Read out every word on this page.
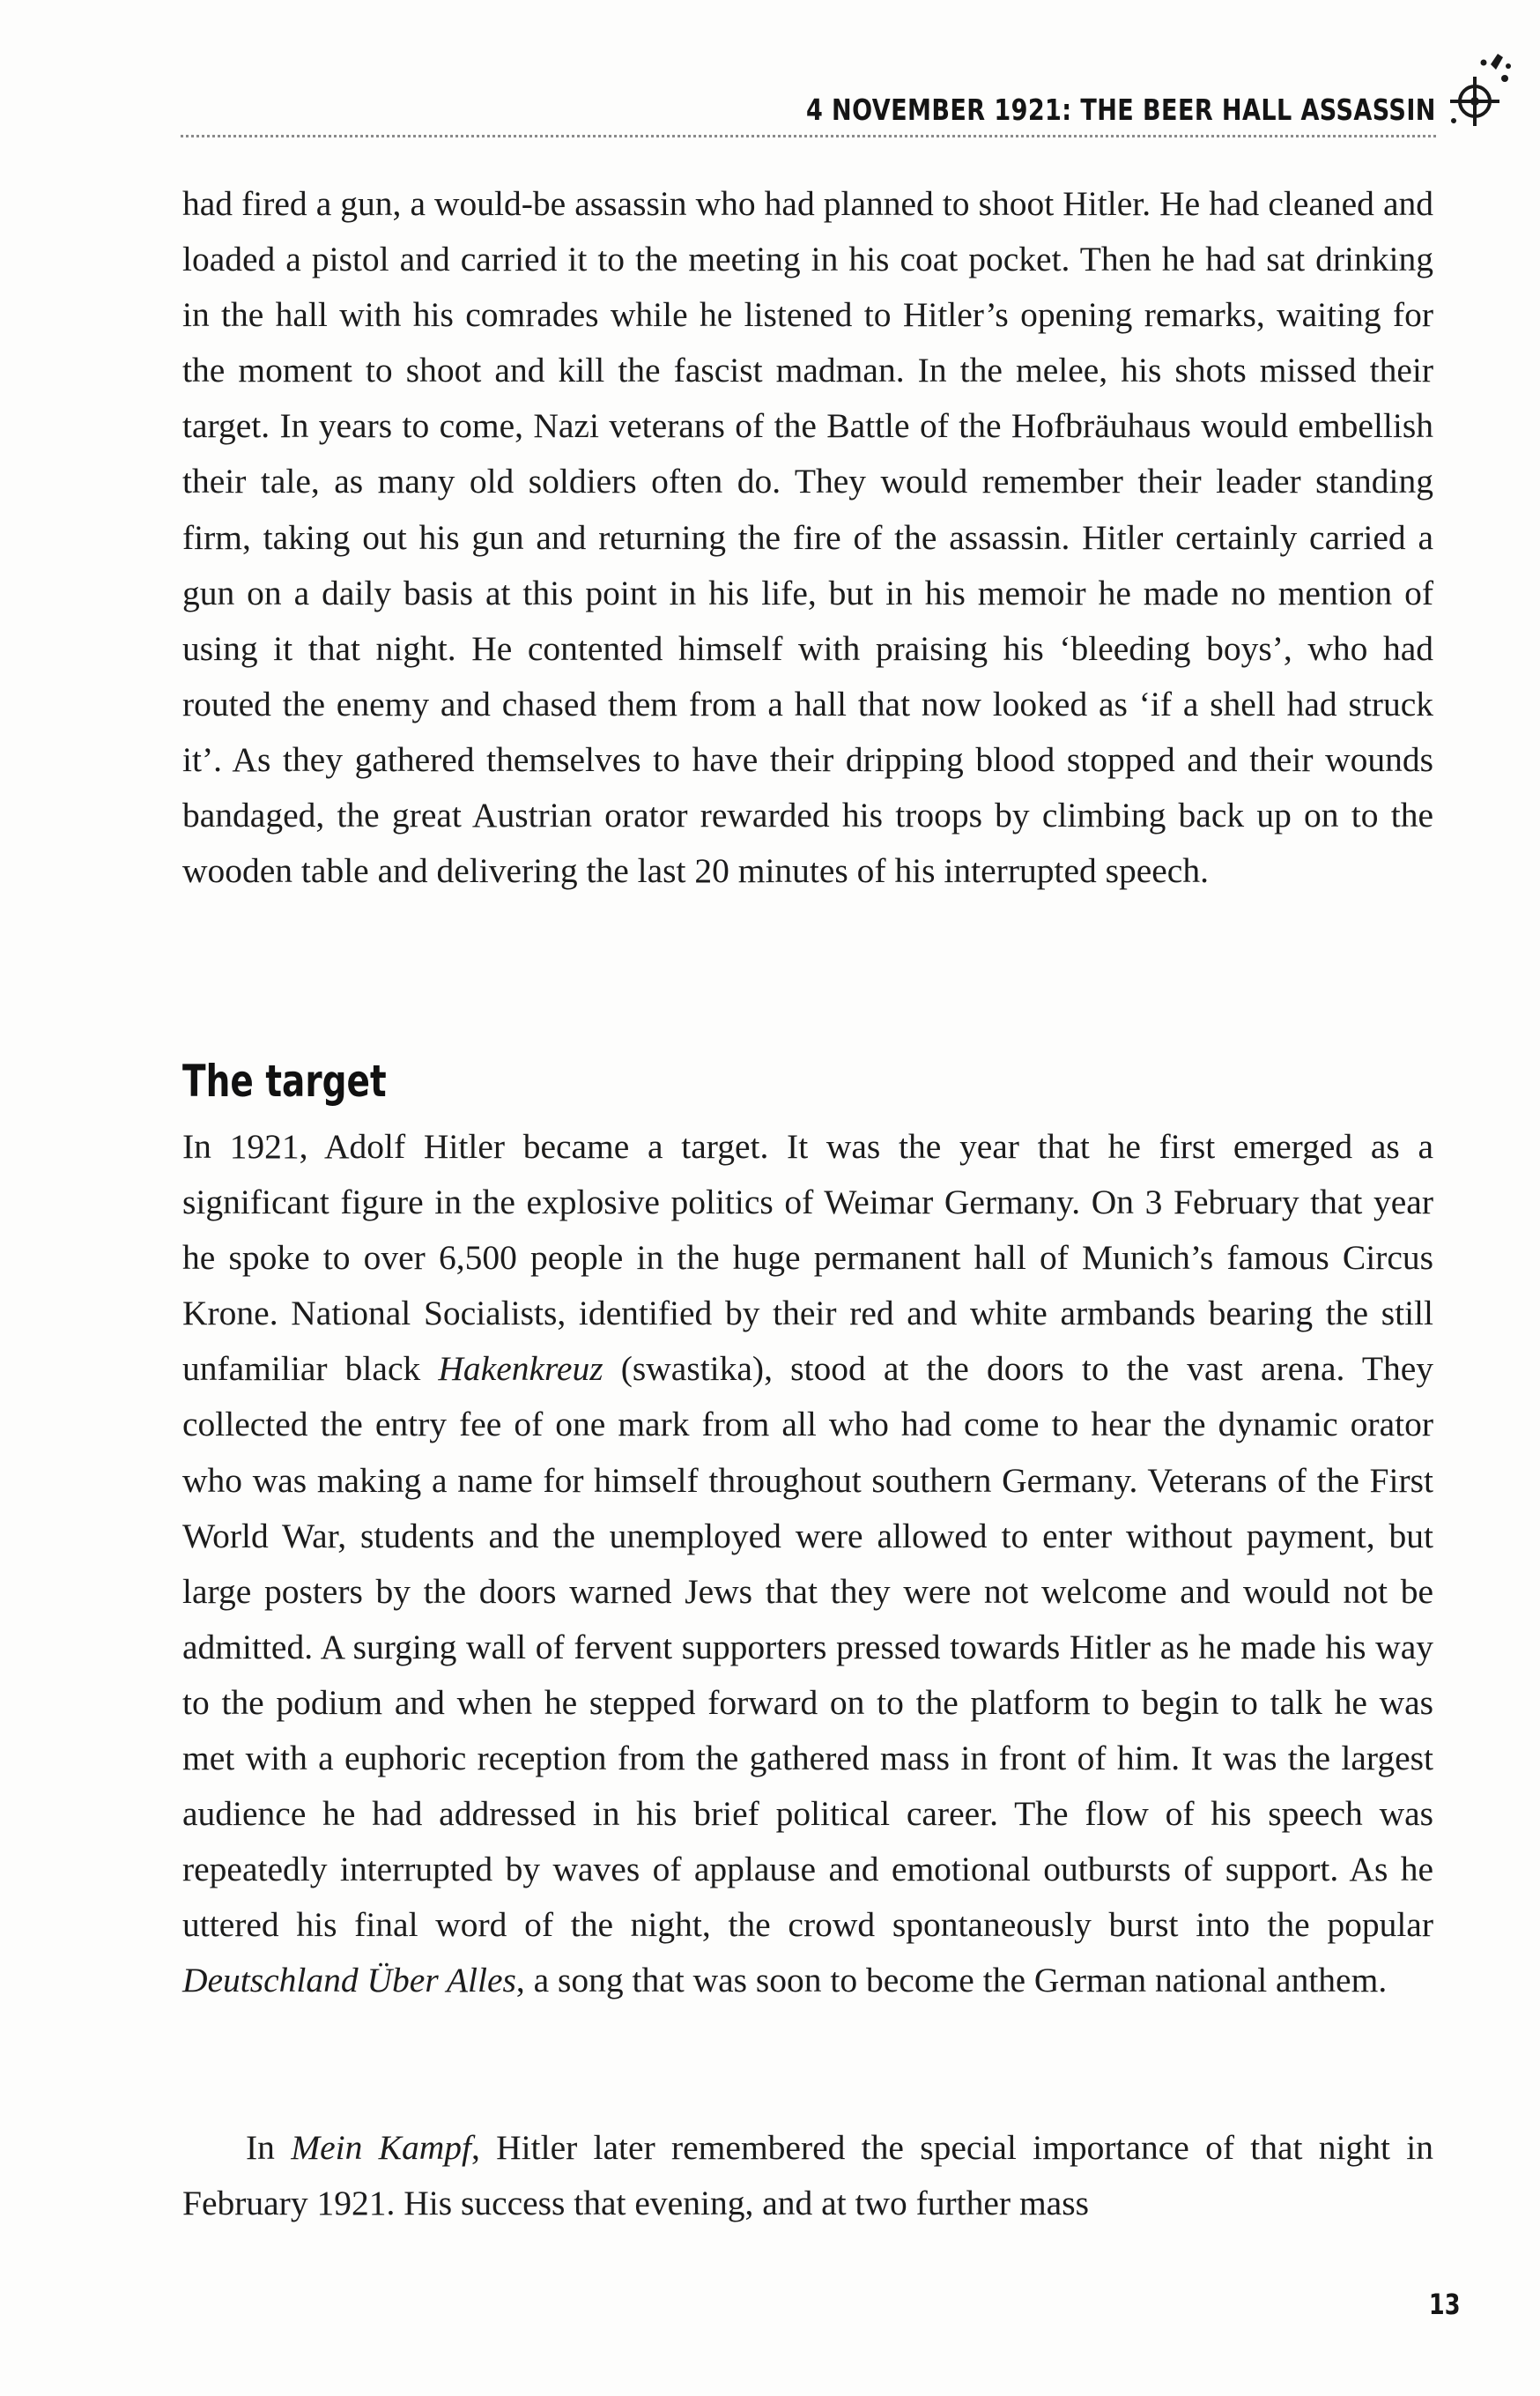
4 NOVEMBER 1921: THE BEER HALL ASSASSIN

had fired a gun, a would-be assassin who had planned to shoot Hitler. He had cleaned and loaded a pistol and carried it to the meeting in his coat pocket. Then he had sat drinking in the hall with his comrades while he listened to Hitler’s opening remarks, waiting for the moment to shoot and kill the fascist madman. In the melee, his shots missed their target. In years to come, Nazi veterans of the Battle of the Hofbräuhaus would embellish their tale, as many old soldiers often do. They would remember their leader standing firm, taking out his gun and returning the fire of the assassin. Hitler certainly carried a gun on a daily basis at this point in his life, but in his memoir he made no mention of using it that night. He contented himself with praising his ‘bleeding boys’, who had routed the enemy and chased them from a hall that now looked as ‘if a shell had struck it’. As they gathered themselves to have their dripping blood stopped and their wounds bandaged, the great Austrian orator rewarded his troops by climbing back up on to the wooden table and delivering the last 20 minutes of his interrupted speech.

The target

In 1921, Adolf Hitler became a target. It was the year that he first emerged as a significant figure in the explosive politics of Weimar Germany. On 3 February that year he spoke to over 6,500 people in the huge permanent hall of Munich’s famous Circus Krone. National Socialists, identified by their red and white armbands bearing the still unfamiliar black Hakenkreuz (swastika), stood at the doors to the vast arena. They collected the entry fee of one mark from all who had come to hear the dynamic orator who was making a name for himself throughout southern Germany. Veterans of the First World War, students and the unemployed were allowed to enter without payment, but large posters by the doors warned Jews that they were not welcome and would not be admitted. A surging wall of fervent supporters pressed towards Hitler as he made his way to the podium and when he stepped forward on to the platform to begin to talk he was met with a euphoric reception from the gathered mass in front of him. It was the largest audience he had addressed in his brief political career. The flow of his speech was repeatedly interrupted by waves of applause and emotional outbursts of support. As he uttered his final word of the night, the crowd spontaneously burst into the popular Deutschland Über Alles, a song that was soon to become the German national anthem.

In Mein Kampf, Hitler later remembered the special importance of that night in February 1921. His success that evening, and at two further mass

13
